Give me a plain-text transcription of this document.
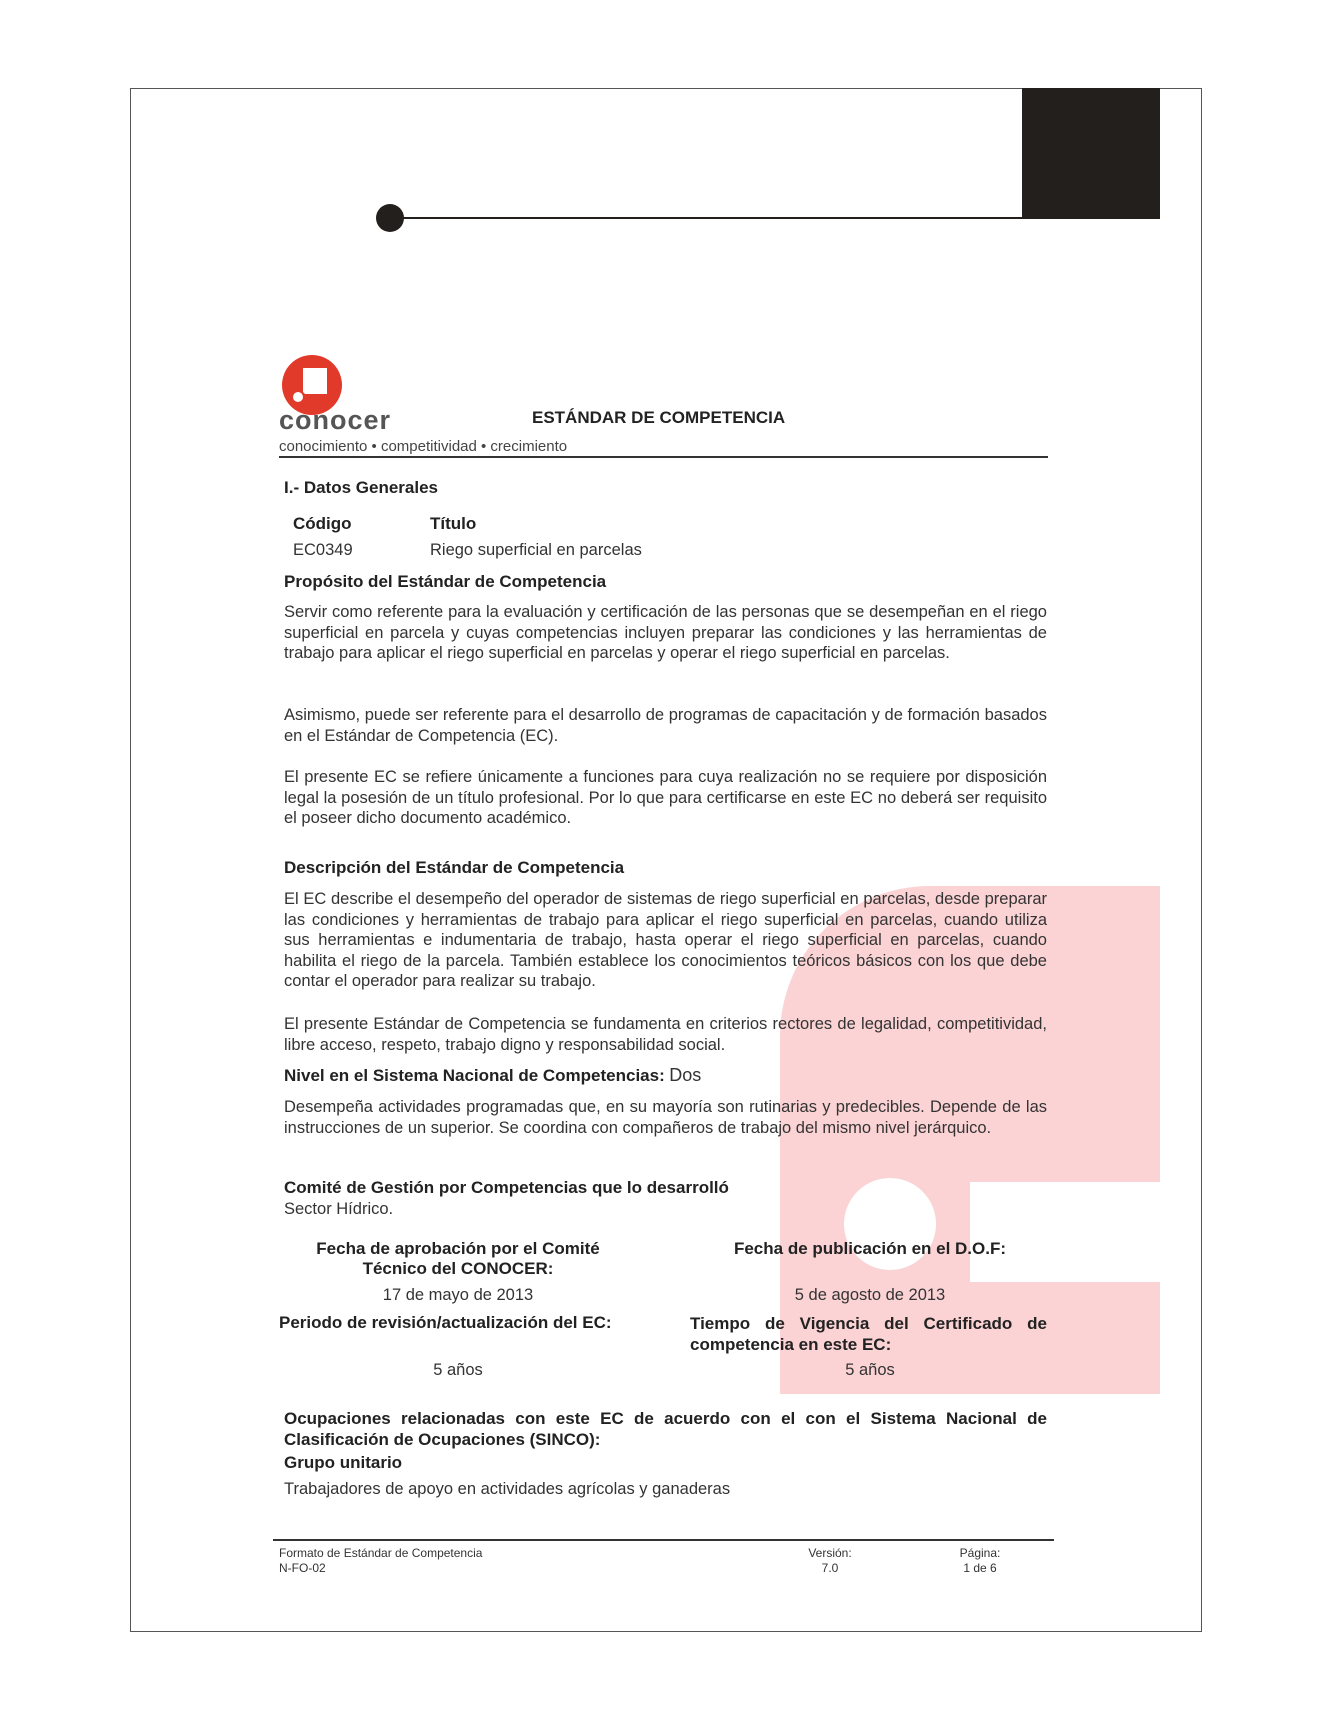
conocer
conocimiento • competitividad • crecimiento
ESTÁNDAR DE COMPETENCIA
I.- Datos Generales
Código	Título
EC0349	Riego superficial en parcelas
Propósito del Estándar de Competencia
Servir como referente para la evaluación y certificación de las personas que se desempeñan en el riego superficial en parcela y cuyas competencias incluyen preparar las condiciones y las herramientas de trabajo para aplicar el riego superficial en parcelas y operar el riego superficial en parcelas.
Asimismo, puede ser referente para el desarrollo de programas de capacitación y de formación basados en el Estándar de Competencia (EC).
El presente EC se refiere únicamente a funciones para cuya realización no se requiere por disposición legal la posesión de un título profesional. Por lo que para certificarse en este EC no deberá ser requisito el poseer dicho documento académico.
Descripción del Estándar de Competencia
El EC describe el desempeño del operador de sistemas de riego superficial en parcelas, desde preparar las condiciones y herramientas de trabajo para aplicar el riego superficial en parcelas, cuando utiliza sus herramientas e indumentaria de trabajo, hasta operar el riego superficial en parcelas, cuando habilita el riego de la parcela. También establece los conocimientos teóricos básicos con los que debe contar el operador para realizar su trabajo.
El presente Estándar de Competencia se fundamenta en criterios rectores de legalidad, competitividad, libre acceso, respeto, trabajo digno y responsabilidad social.
Nivel en el Sistema Nacional de Competencias: Dos
Desempeña actividades programadas que, en su mayoría son rutinarias y predecibles. Depende de las instrucciones de un superior. Se coordina con compañeros de trabajo del mismo nivel jerárquico.
Comité de Gestión por Competencias que lo desarrolló
Sector Hídrico.
Fecha de aprobación por el Comité
Técnico del CONOCER:
17 de mayo de 2013
Fecha de publicación en el D.O.F:
5 de agosto de 2013
Periodo de revisión/actualización del EC:
5 años
Tiempo de Vigencia del Certificado de competencia en este EC:
5 años
Ocupaciones relacionadas con este EC de acuerdo con el con el Sistema Nacional de Clasificación de Ocupaciones (SINCO):
Grupo unitario
Trabajadores de apoyo en actividades agrícolas y ganaderas
Formato de Estándar de Competencia
N-FO-02
Versión:
7.0
Página:
1 de 6
